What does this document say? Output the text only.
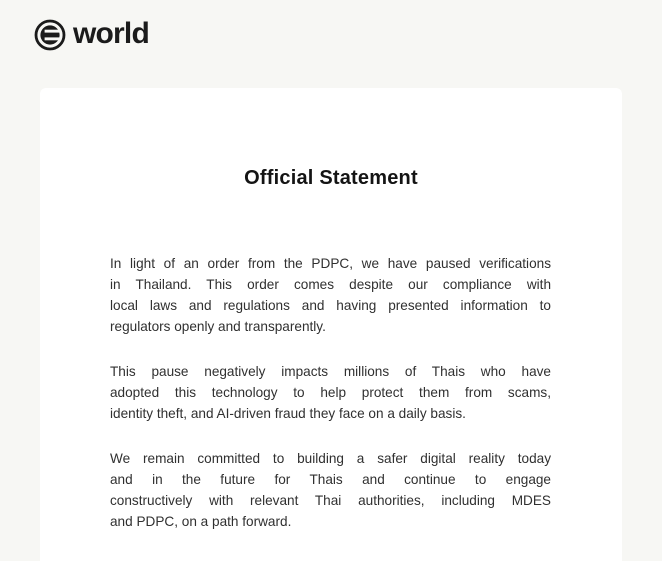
world
Official Statement
In light of an order from the PDPC, we have paused verifications
in Thailand. This order comes despite our compliance with
local laws and regulations and having presented information to
regulators openly and transparently.
This pause negatively impacts millions of Thais who have
adopted this technology to help protect them from scams,
identity theft, and AI-driven fraud they face on a daily basis.
We remain committed to building a safer digital reality today
and in the future for Thais and continue to engage
constructively with relevant Thai authorities, including MDES
and PDPC, on a path forward.
